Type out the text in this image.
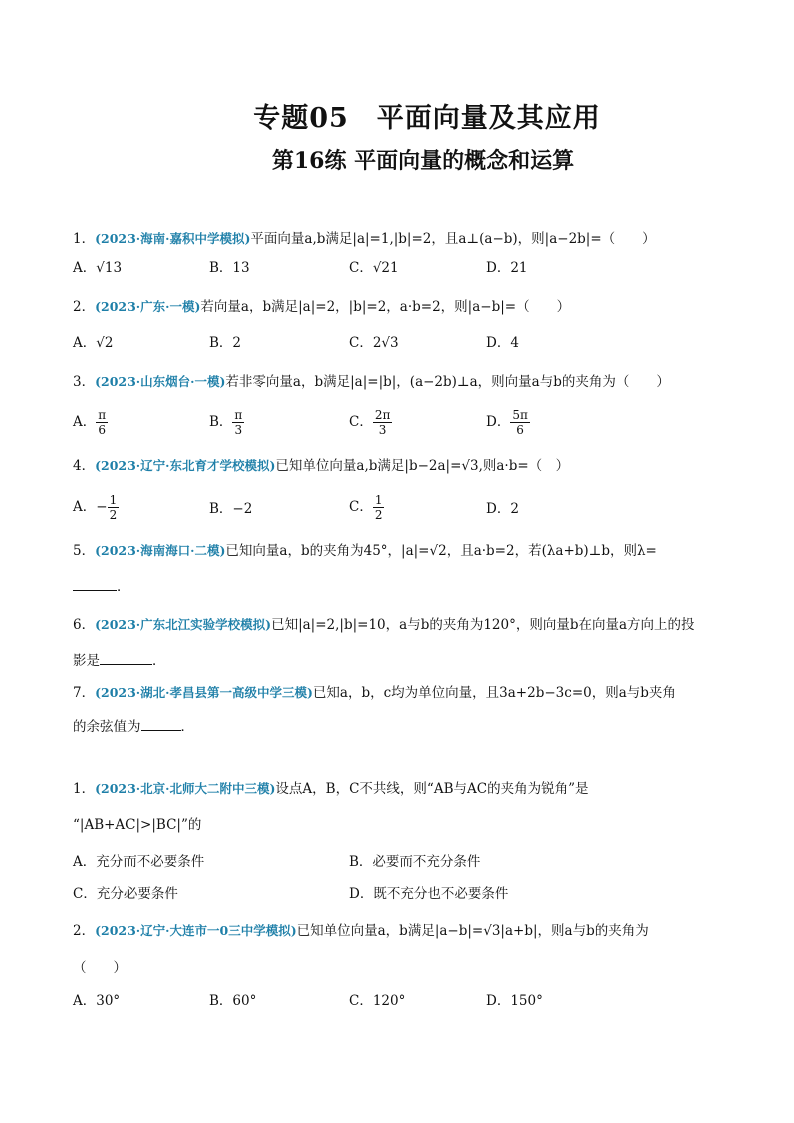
专题05　平面向量及其应用
第16练 平面向量的概念和运算
1．(2023·海南·嘉积中学模拟)平面向量a,b满足|a|=1,|b|=2，且a⊥(a−b)，则|a−2b|=（　　）
A．√13	B．13	C．√21	D．21
2．(2023·广东·一模)若向量a，b满足|a|=2，|b|=2，a·b=2，则|a−b|=（　　）
A．√2	B．2	C．2√3	D．4
3．(2023·山东烟台·一模)若非零向量a，b满足|a|=|b|，(a−2b)⊥a，则向量a与b的夹角为（　　）
A． $\frac{\pi}{6}$	B． $\frac{\pi}{3}$	C． $\frac{2\pi}{3}$	D． $\frac{5\pi}{6}$
4．(2023·辽宁·东北育才学校模拟)已知单位向量a,b满足|b−2a|=√3,则a·b=（　）
A．− $\frac{1}{2}$	B．−2	C． $\frac{1}{2}$	D．2
5．(2023·海南海口·二模)已知向量a，b的夹角为45°，|a|=√2，且a·b=2，若(λa+b)⊥b，则λ=
．
6．(2023·广东北江实验学校模拟)已知|a|=2,|b|=10，a与b的夹角为120°，则向量b在向量a方向上的投
影是	．
7．(2023·湖北·孝昌县第一高级中学三模)已知a，b，c均为单位向量，且3a+2b−3c=0，则a与b夹角
的余弦值为	．
1．(2023·北京·北师大二附中三模)设点A，B，C不共线，则“AB与AC的夹角为锐角”是
“|AB+AC|>|BC|”的
A．充分而不必要条件	B．必要而不充分条件
C．充分必要条件	D．既不充分也不必要条件
2．(2023·辽宁·大连市一0三中学模拟)已知单位向量a，b满足|a−b|=√3|a+b|，则a与b的夹角为
（　　）
A．30°	B．60°	C．120°	D．150°
